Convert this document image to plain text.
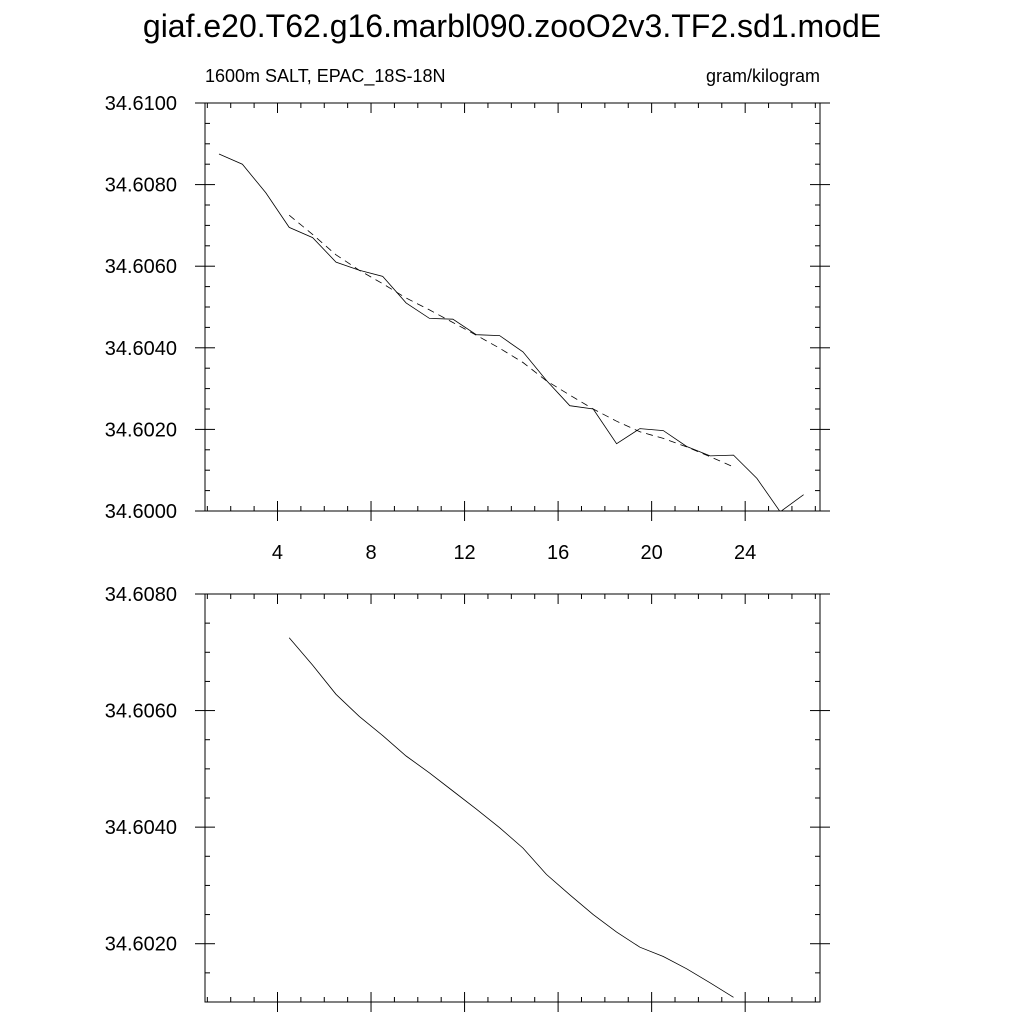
giaf.e20.T62.g16.marbl090.zooO2v3.TF2.sd1.modE
1600m SALT, EPAC_18S-18N	gram/kilogram
4	8	12	16	20	24
34.6000
34.6020
34.6040
34.6060
34.6080
34.6100
34.6020
34.6040
34.6060
34.6080
